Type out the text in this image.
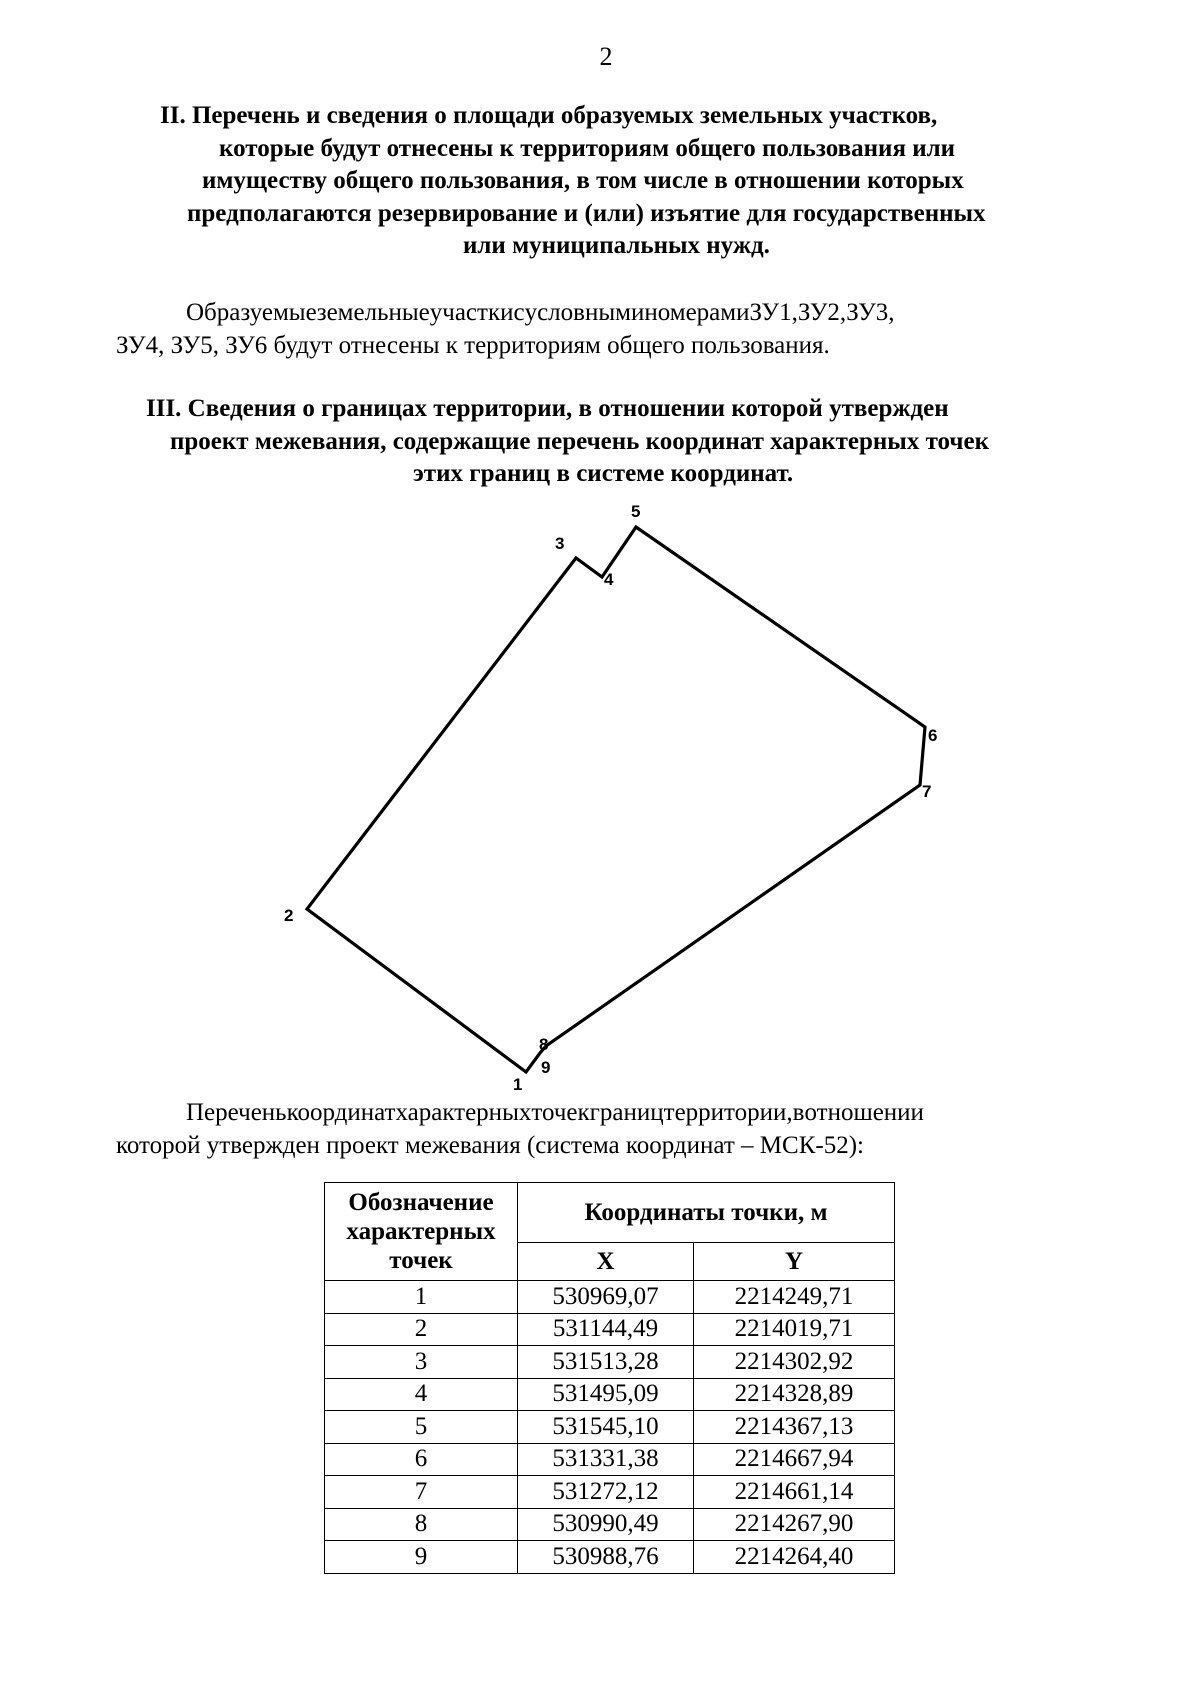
2
II. Перечень и сведения о площади образуемых земельных участков,
которые будут отнесены к территориям общего пользования или
имуществу общего пользования, в том числе в отношении которых
предполагаются резервирование и (или) изъятие для государственных
или муниципальных нужд.
ОбразуемыеземельныеучасткисусловныминомерамиЗУ1,ЗУ2,ЗУ3,
ЗУ4, ЗУ5, ЗУ6 будут отнесены к территориям общего пользования.
III. Сведения о границах территории, в отношении которой утвержден
проект межевания, содержащие перечень координат характерных точек
этих границ в системе координат.
1
2
3
4
5
6
7
8
9
Переченькоординатхарактерныхточекграництерритории,вотношении
которой утвержден проект межевания (система координат – МСК-52):
Обозначение
характерных
точек	Координаты точки, м	
	X	Y
1	530969,07	2214249,71
2	531144,49	2214019,71
3	531513,28	2214302,92
4	531495,09	2214328,89
5	531545,10	2214367,13
6	531331,38	2214667,94
7	531272,12	2214661,14
8	530990,49	2214267,90
9	530988,76	2214264,40
